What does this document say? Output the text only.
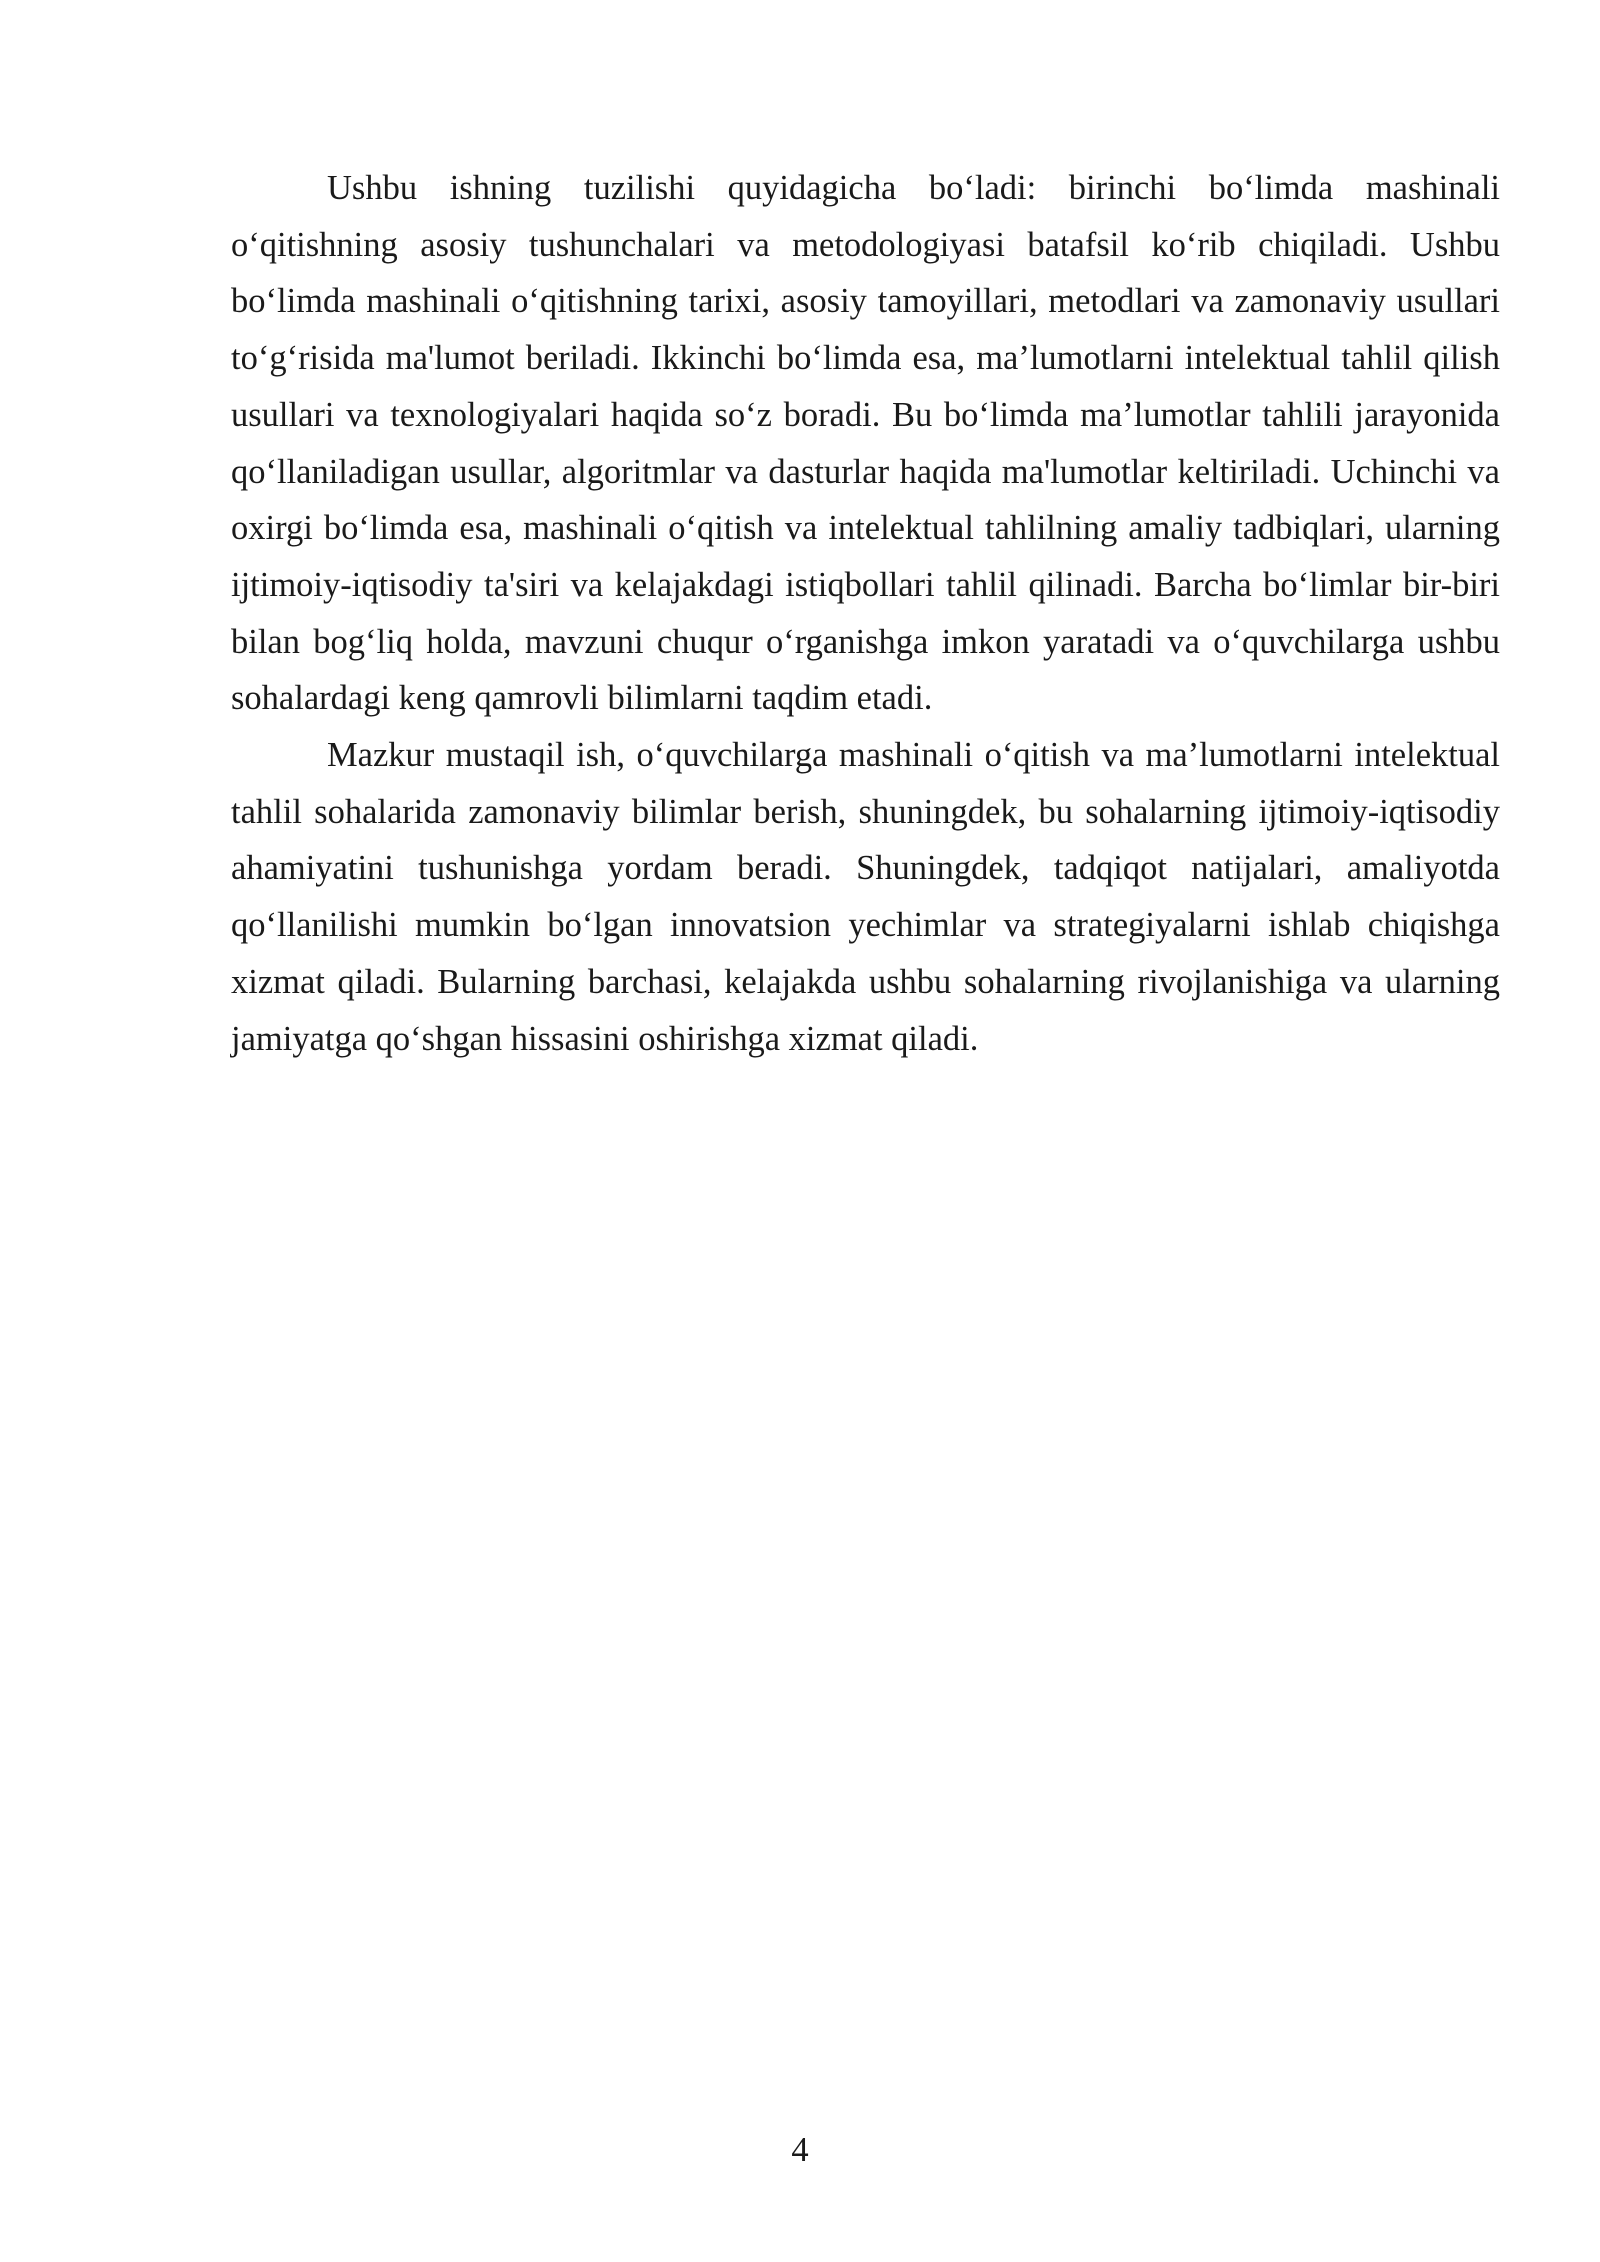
Ushbu ishning tuzilishi quyidagicha bo‘ladi: birinchi bo‘limda mashinali o‘qitishning asosiy tushunchalari va metodologiyasi batafsil ko‘rib chiqiladi. Ushbu bo‘limda mashinali o‘qitishning tarixi, asosiy tamoyillari, metodlari va zamonaviy usullari to‘g‘risida ma'lumot beriladi. Ikkinchi bo‘limda esa, ma’lumotlarni intelektual tahlil qilish usullari va texnologiyalari haqida so‘z boradi. Bu bo‘limda ma’lumotlar tahlili jarayonida qo‘llaniladigan usullar, algoritmlar va dasturlar haqida ma'lumotlar keltiriladi. Uchinchi va oxirgi bo‘limda esa, mashinali o‘qitish va intelektual tahlilning amaliy tadbiqlari, ularning ijtimoiy-iqtisodiy ta'siri va kelajakdagi istiqbollari tahlil qilinadi. Barcha bo‘limlar bir-biri bilan bog‘liq holda, mavzuni chuqur o‘rganishga imkon yaratadi va o‘quvchilarga ushbu sohalardagi keng qamrovli bilimlarni taqdim etadi.

Mazkur mustaqil ish, o‘quvchilarga mashinali o‘qitish va ma’lumotlarni intelektual tahlil sohalarida zamonaviy bilimlar berish, shuningdek, bu sohalarning ijtimoiy-iqtisodiy ahamiyatini tushunishga yordam beradi. Shuningdek, tadqiqot natijalari, amaliyotda qo‘llanilishi mumkin bo‘lgan innovatsion yechimlar va strategiyalarni ishlab chiqishga xizmat qiladi. Bularning barchasi, kelajakda ushbu sohalarning rivojlanishiga va ularning jamiyatga qo‘shgan hissasini oshirishga xizmat qiladi.

4
